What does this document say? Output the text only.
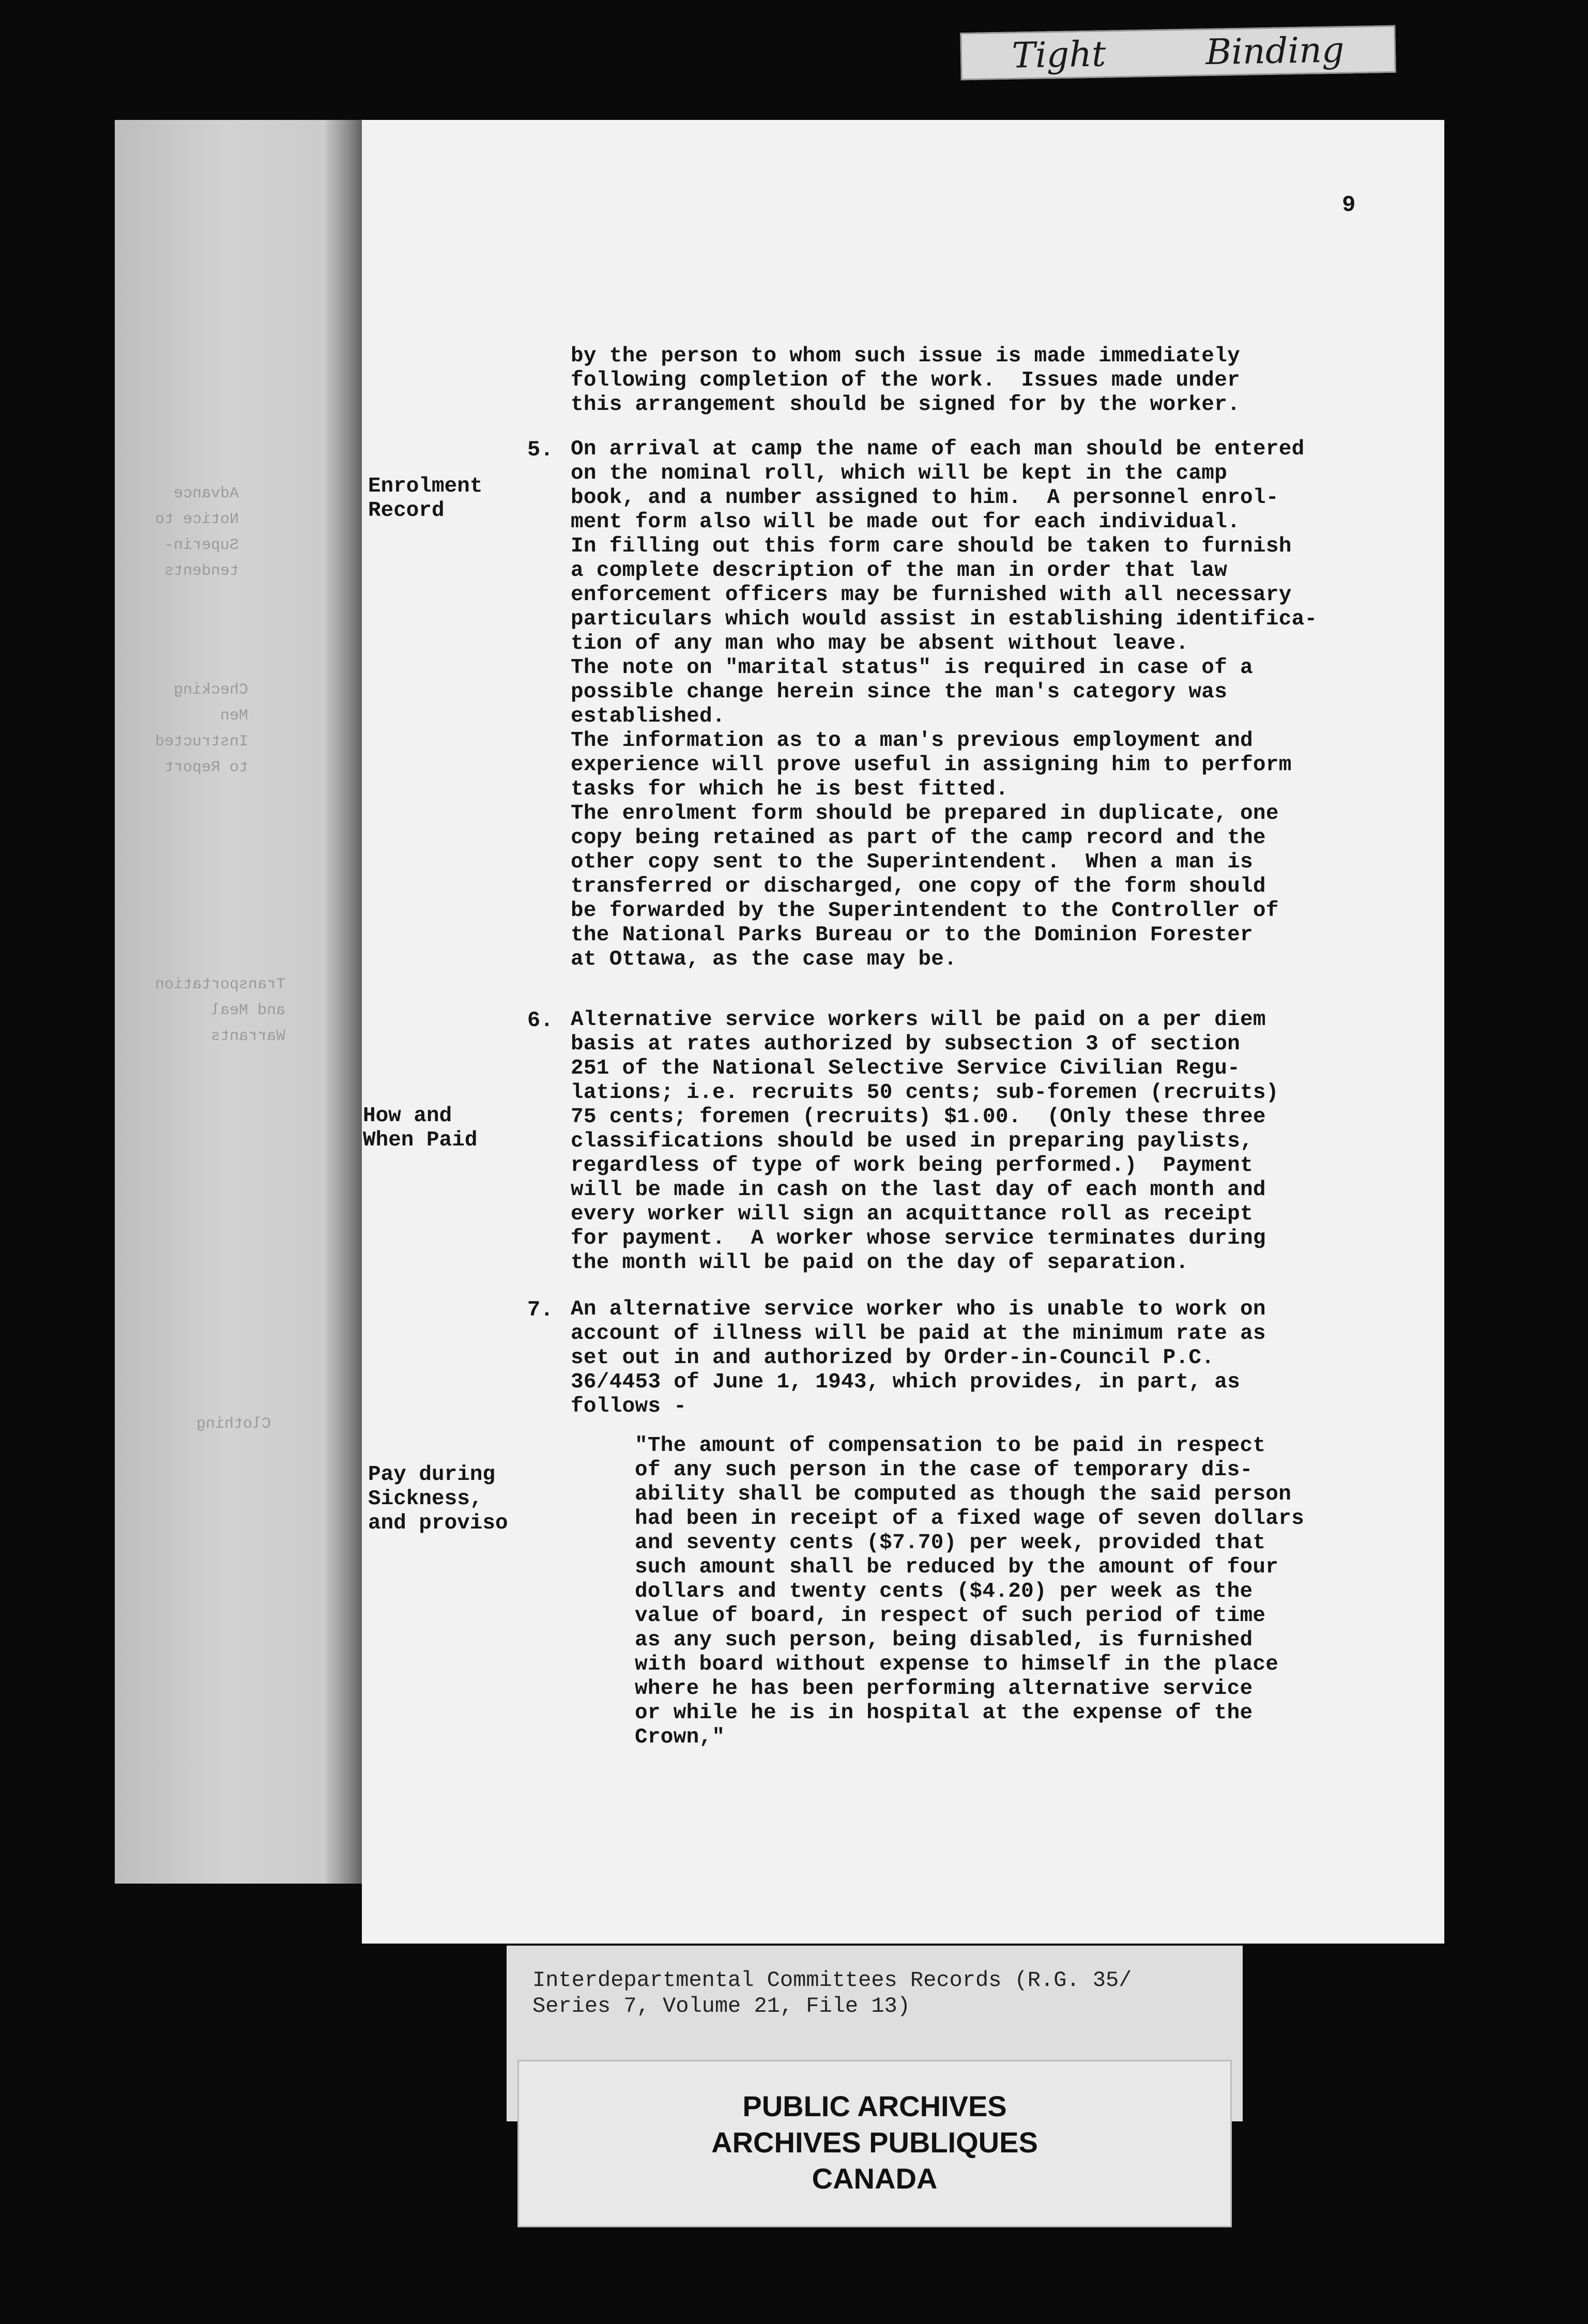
Tight	Binding
Advance
Notice to
Superin-
tendents
Checking
Men
Instructed
to Report
Transportation
and Meal
Warrants
Clothing
9
by the person to whom such issue is made immediately
following completion of the work.  Issues made under
this arrangement should be signed for by the worker.
5. On arrival at camp the name of each man should be entered
on the nominal roll, which will be kept in the camp
book, and a number assigned to him.  A personnel enrol-
ment form also will be made out for each individual.
In filling out this form care should be taken to furnish
a complete description of the man in order that law
enforcement officers may be furnished with all necessary
particulars which would assist in establishing identifica-
tion of any man who may be absent without leave.
The note on "marital status" is required in case of a
possible change herein since the man's category was
established.
The information as to a man's previous employment and
experience will prove useful in assigning him to perform
tasks for which he is best fitted.
The enrolment form should be prepared in duplicate, one
copy being retained as part of the camp record and the
other copy sent to the Superintendent.  When a man is
transferred or discharged, one copy of the form should
be forwarded by the Superintendent to the Controller of
the National Parks Bureau or to the Dominion Forester
at Ottawa, as the case may be.
Enrolment
Record
6. Alternative service workers will be paid on a per diem
basis at rates authorized by subsection 3 of section
251 of the National Selective Service Civilian Regu-
lations; i.e. recruits 50 cents; sub-foremen (recruits)
75 cents; foremen (recruits) $1.00.  (Only these three
classifications should be used in preparing paylists,
regardless of type of work being performed.)  Payment
will be made in cash on the last day of each month and
every worker will sign an acquittance roll as receipt
for payment.  A worker whose service terminates during
the month will be paid on the day of separation.
How and
When Paid
7. An alternative service worker who is unable to work on
account of illness will be paid at the minimum rate as
set out in and authorized by Order-in-Council P.C.
36/4453 of June 1, 1943, which provides, in part, as
follows -
"The amount of compensation to be paid in respect
of any such person in the case of temporary dis-
ability shall be computed as though the said person
had been in receipt of a fixed wage of seven dollars
and seventy cents ($7.70) per week, provided that
such amount shall be reduced by the amount of four
dollars and twenty cents ($4.20) per week as the
value of board, in respect of such period of time
as any such person, being disabled, is furnished
with board without expense to himself in the place
where he has been performing alternative service
or while he is in hospital at the expense of the
Crown,"
Pay during
Sickness,
and proviso
Interdepartmental Committees Records (R.G. 35/
Series 7, Volume 21, File 13)
PUBLIC ARCHIVES
ARCHIVES PUBLIQUES
CANADA
